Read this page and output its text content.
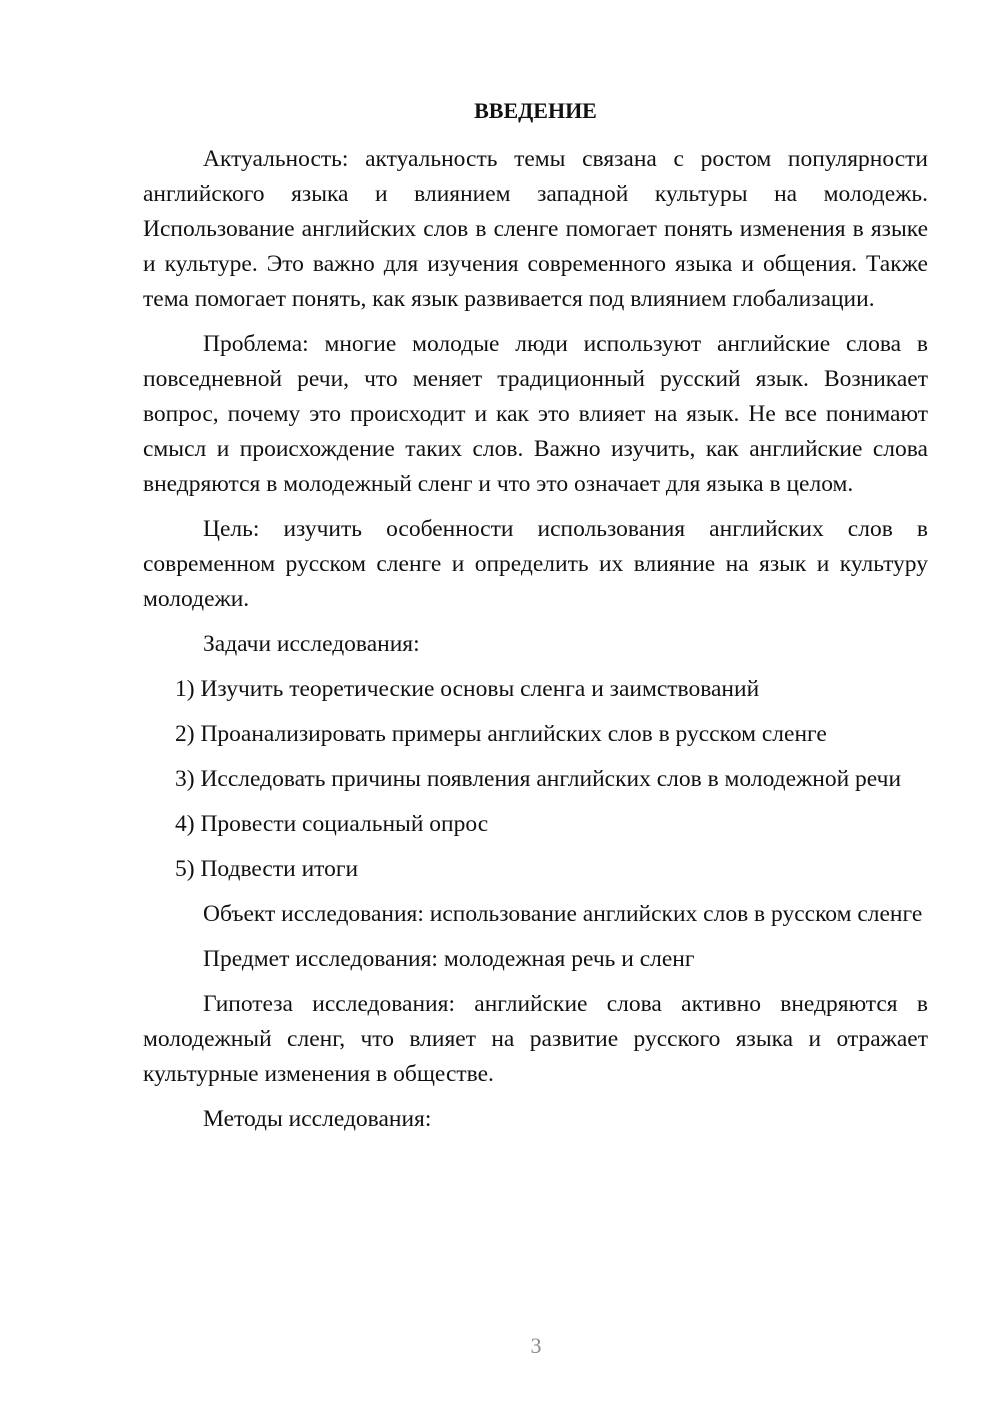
ВВЕДЕНИЕ

Актуальность: актуальность темы связана с ростом популярности английского языка и влиянием западной культуры на молодежь. Использование английских слов в сленге помогает понять изменения в языке и культуре. Это важно для изучения современного языка и общения. Также тема помогает понять, как язык развивается под влиянием глобализации.

Проблема: многие молодые люди используют английские слова в повседневной речи, что меняет традиционный русский язык. Возникает вопрос, почему это происходит и как это влияет на язык. Не все понимают смысл и происхождение таких слов. Важно изучить, как английские слова внедряются в молодежный сленг и что это означает для языка в целом.

Цель: изучить особенности использования английских слов в современном русском сленге и определить их влияние на язык и культуру молодежи.

Задачи исследования:

1) Изучить теоретические основы сленга и заимствований

2) Проанализировать примеры английских слов в русском сленге

3) Исследовать причины появления английских слов в молодежной речи

4) Провести социальный опрос

5) Подвести итоги

Объект исследования: использование английских слов в русском сленге

Предмет исследования: молодежная речь и сленг

Гипотеза исследования: английские слова активно внедряются в молодежный сленг, что влияет на развитие русского языка и отражает культурные изменения в обществе.

Методы исследования:

3
